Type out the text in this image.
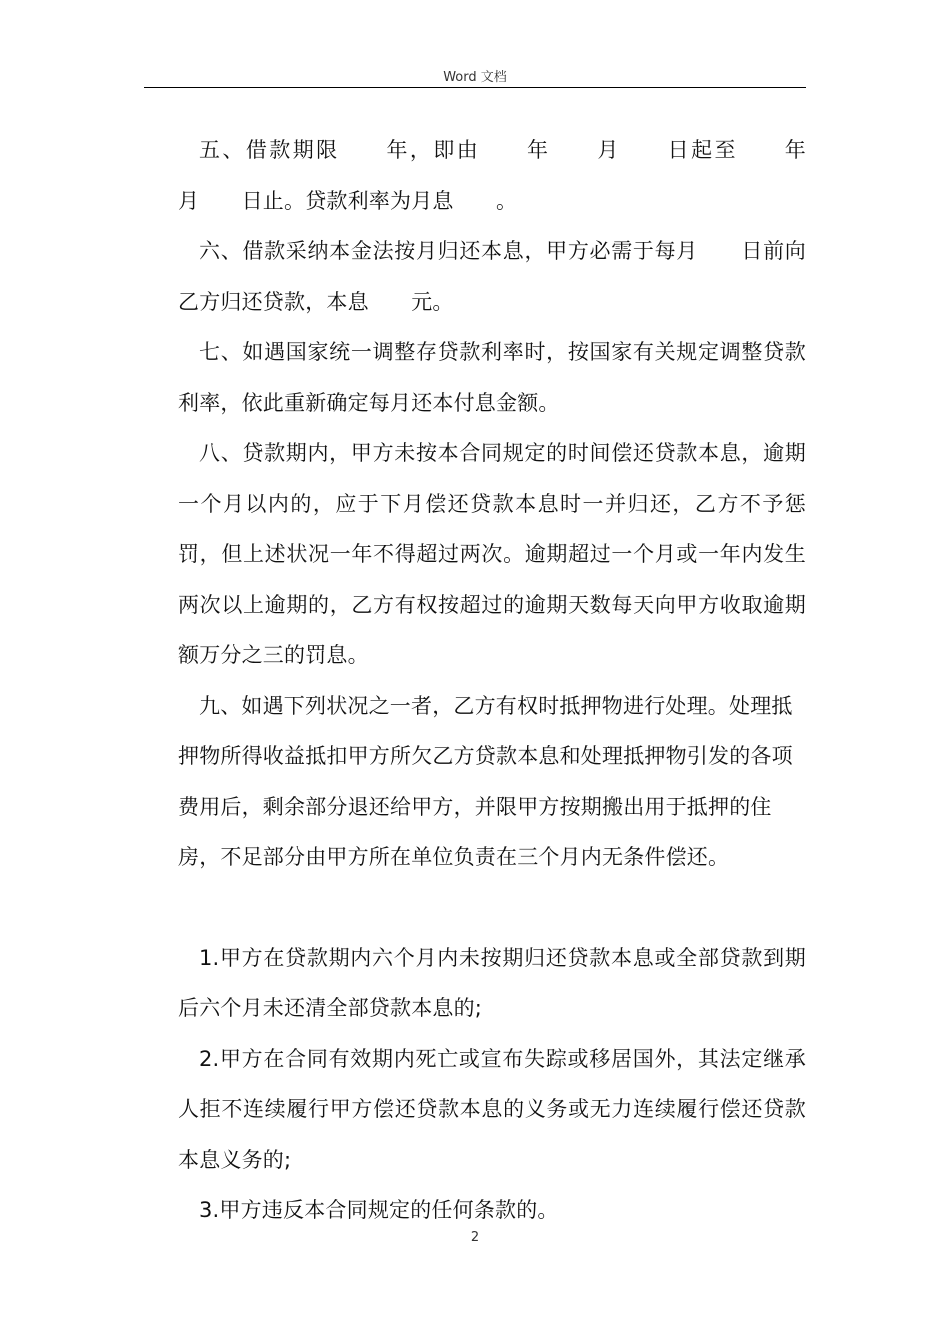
Word 文档

五、借款期限　　年，即由　　年　　月　　日起至　　年　　月　　日止。贷款利率为月息　　。

六、借款采纳本金法按月归还本息，甲方必需于每月　　日前向乙方归还贷款，本息　　元。

七、如遇国家统一调整存贷款利率时，按国家有关规定调整贷款利率，依此重新确定每月还本付息金额。

八、贷款期内，甲方未按本合同规定的时间偿还贷款本息，逾期一个月以内的，应于下月偿还贷款本息时一并归还，乙方不予惩罚，但上述状况一年不得超过两次。逾期超过一个月或一年内发生两次以上逾期的，乙方有权按超过的逾期天数每天向甲方收取逾期额万分之三的罚息。

九、如遇下列状况之一者，乙方有权时抵押物进行处理。处理抵押物所得收益抵扣甲方所欠乙方贷款本息和处理抵押物引发的各项费用后，剩余部分退还给甲方，并限甲方按期搬出用于抵押的住房，不足部分由甲方所在单位负责在三个月内无条件偿还。

1.甲方在贷款期内六个月内未按期归还贷款本息或全部贷款到期后六个月未还清全部贷款本息的;

2.甲方在合同有效期内死亡或宣布失踪或移居国外，其法定继承人拒不连续履行甲方偿还贷款本息的义务或无力连续履行偿还贷款本息义务的;

3.甲方违反本合同规定的任何条款的。

2
